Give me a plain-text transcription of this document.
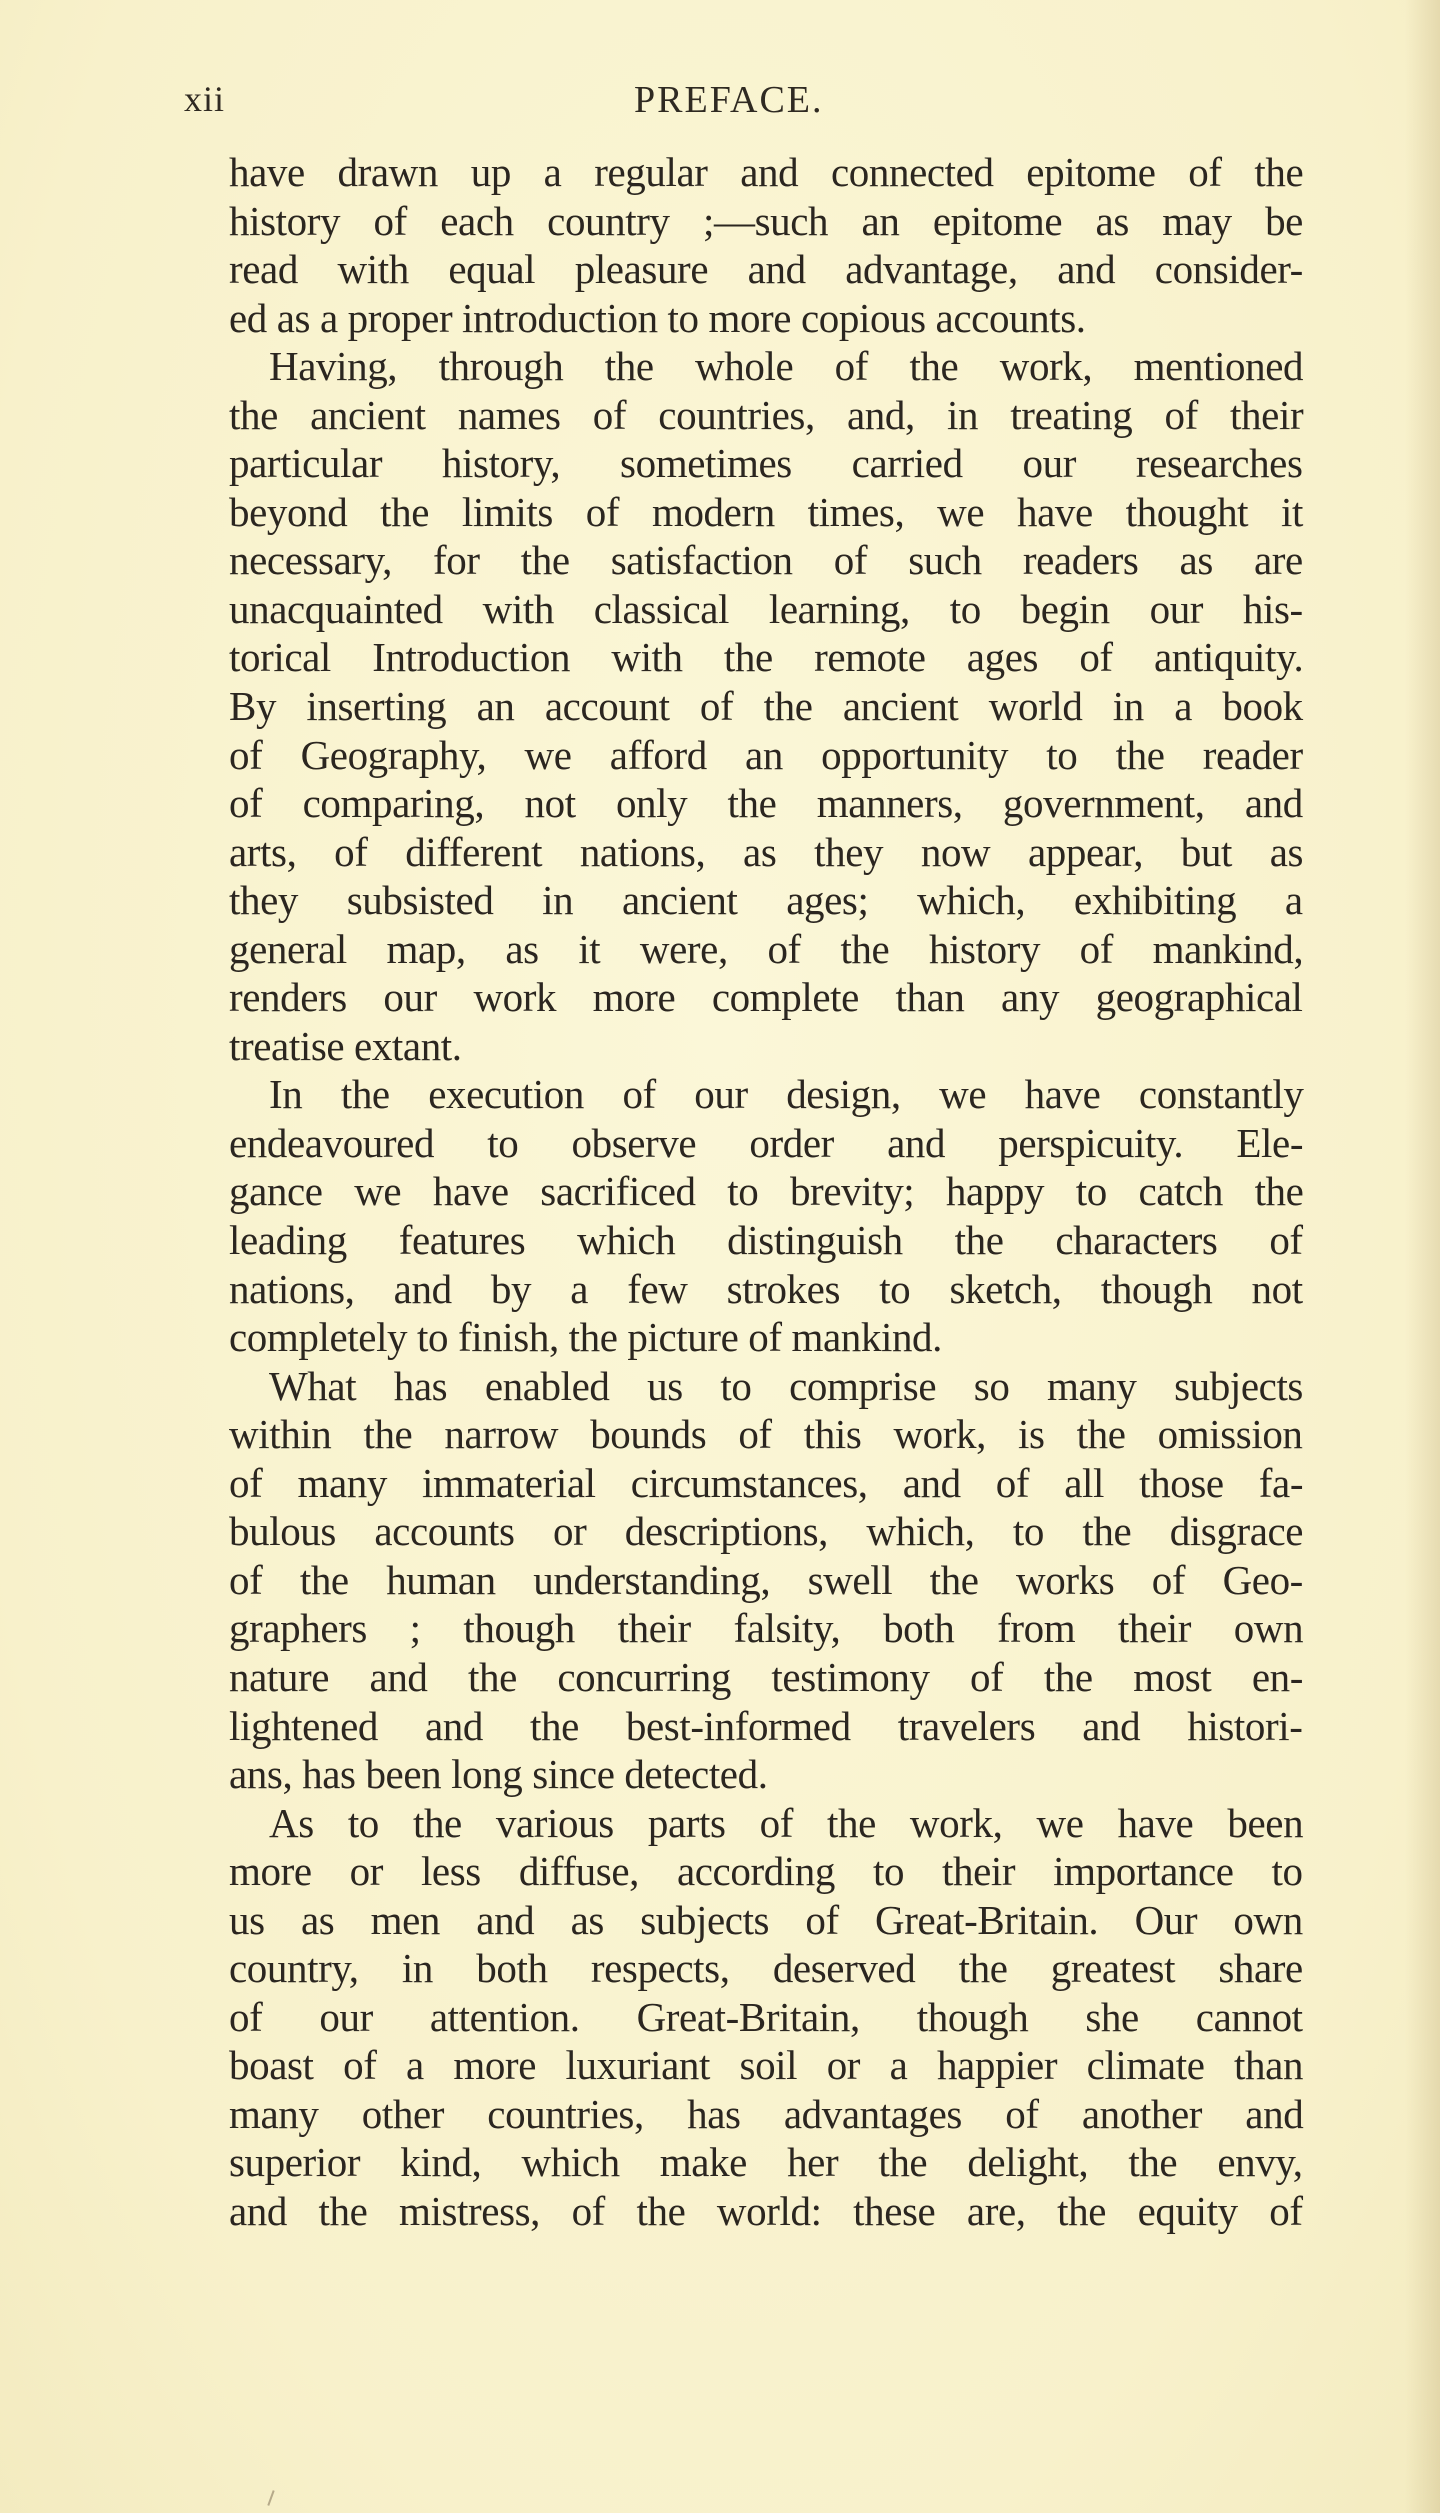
xii	PREFACE.
have drawn up a regular and connected epitome of the
history of each country ;—such an epitome as may be
read with equal pleasure and advantage, and consider-
ed as a proper introduction to more copious accounts.
Having, through the whole of the work, mentioned
the ancient names of countries, and, in treating of their
particular history, sometimes carried our researches
beyond the limits of modern times, we have thought it
necessary, for the satisfaction of such readers as are
unacquainted with classical learning, to begin our his-
torical Introduction with the remote ages of antiquity.
By inserting an account of the ancient world in a book
of Geography, we afford an opportunity to the reader
of comparing, not only the manners, government, and
arts, of different nations, as they now appear, but as
they subsisted in ancient ages; which, exhibiting a
general map, as it were, of the history of mankind,
renders our work more complete than any geographical
treatise extant.
In the execution of our design, we have constantly
endeavoured to observe order and perspicuity. Ele-
gance we have sacrificed to brevity; happy to catch the
leading features which distinguish the characters of
nations, and by a few strokes to sketch, though not
completely to finish, the picture of mankind.
What has enabled us to comprise so many subjects
within the narrow bounds of this work, is the omission
of many immaterial circumstances, and of all those fa-
bulous accounts or descriptions, which, to the disgrace
of the human understanding, swell the works of Geo-
graphers ; though their falsity, both from their own
nature and the concurring testimony of the most en-
lightened and the best-informed travelers and histori-
ans, has been long since detected.
As to the various parts of the work, we have been
more or less diffuse, according to their importance to
us as men and as subjects of Great-Britain. Our own
country, in both respects, deserved the greatest share
of our attention. Great-Britain, though she cannot
boast of a more luxuriant soil or a happier climate than
many other countries, has advantages of another and
superior kind, which make her the delight, the envy,
and the mistress, of the world: these are, the equity of
